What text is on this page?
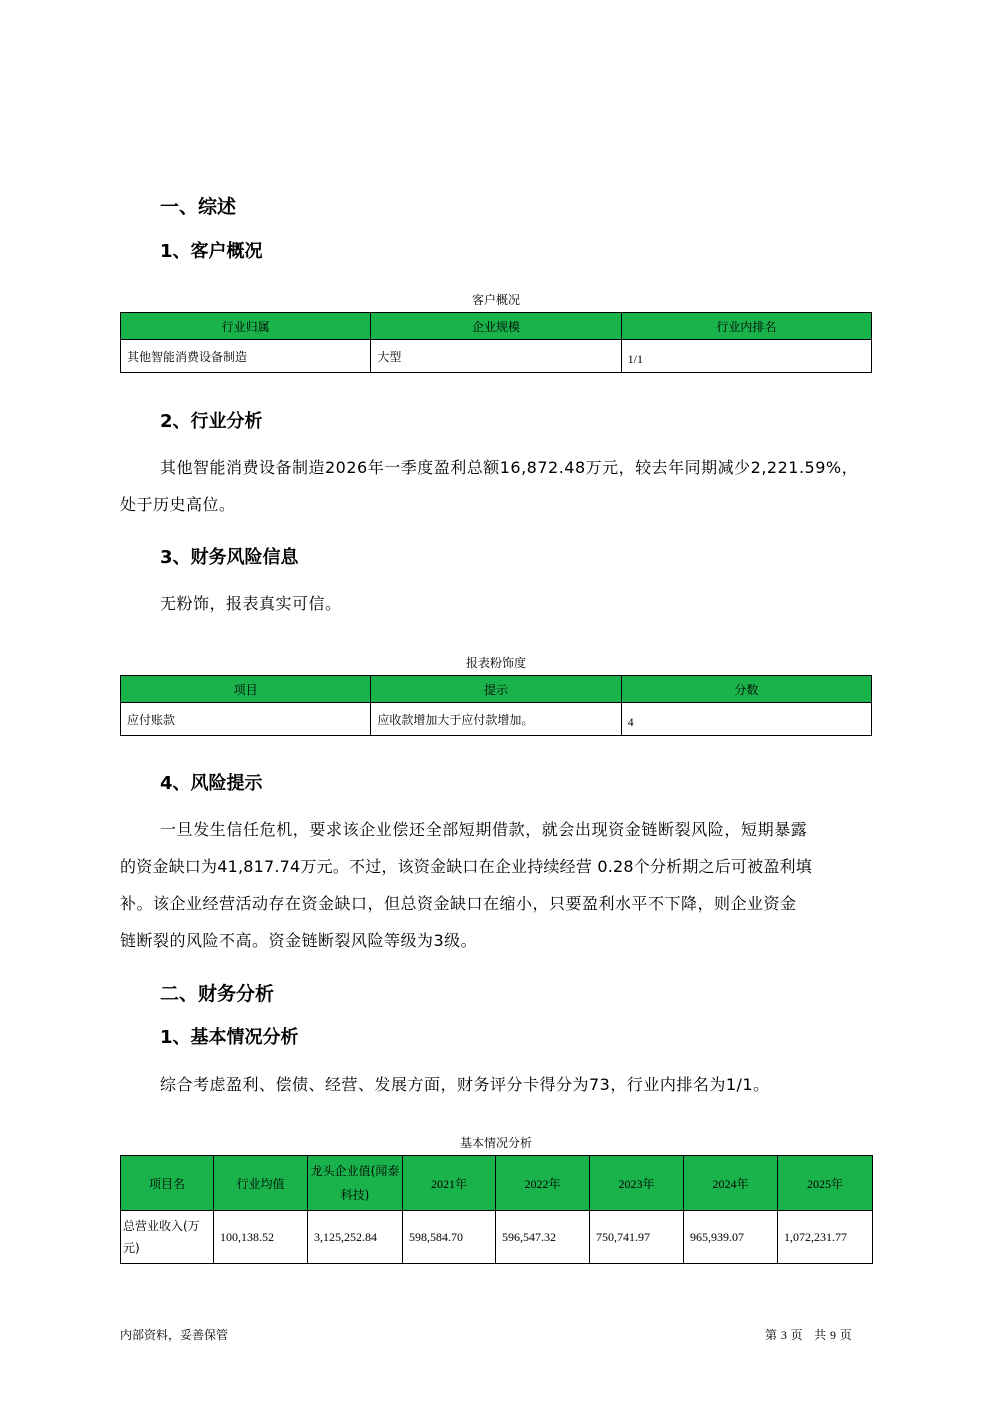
一、综述
1、客户概况
客户概况
行业归属	企业规模	行业内排名
其他智能消费设备制造	大型	1/1
2、行业分析
其他智能消费设备制造2026年一季度盈利总额16,872.48万元，较去年同期减少2,221.59%，
处于历史高位。
3、财务风险信息
无粉饰，报表真实可信。
报表粉饰度
项目	提示	分数
应付账款	应收款增加大于应付款增加。	4
4、风险提示
一旦发生信任危机，要求该企业偿还全部短期借款，就会出现资金链断裂风险，短期暴露
的资金缺口为41,817.74万元。不过，该资金缺口在企业持续经营 0.28个分析期之后可被盈利填
补。该企业经营活动存在资金缺口，但总资金缺口在缩小，只要盈利水平不下降，则企业资金
链断裂的风险不高。资金链断裂风险等级为3级。
二、财务分析
1、基本情况分析
综合考虑盈利、偿债、经营、发展方面，财务评分卡得分为73，行业内排名为1/1。
基本情况分析
项目名	行业均值	龙头企业值(闻泰科技)	2021年	2022年	2023年	2024年	2025年
总营业收入(万元)	100,138.52	3,125,252.84	598,584.70	596,547.32	750,741.97	965,939.07	1,072,231.77
内部资料，妥善保管	第 3 页   共 9 页
